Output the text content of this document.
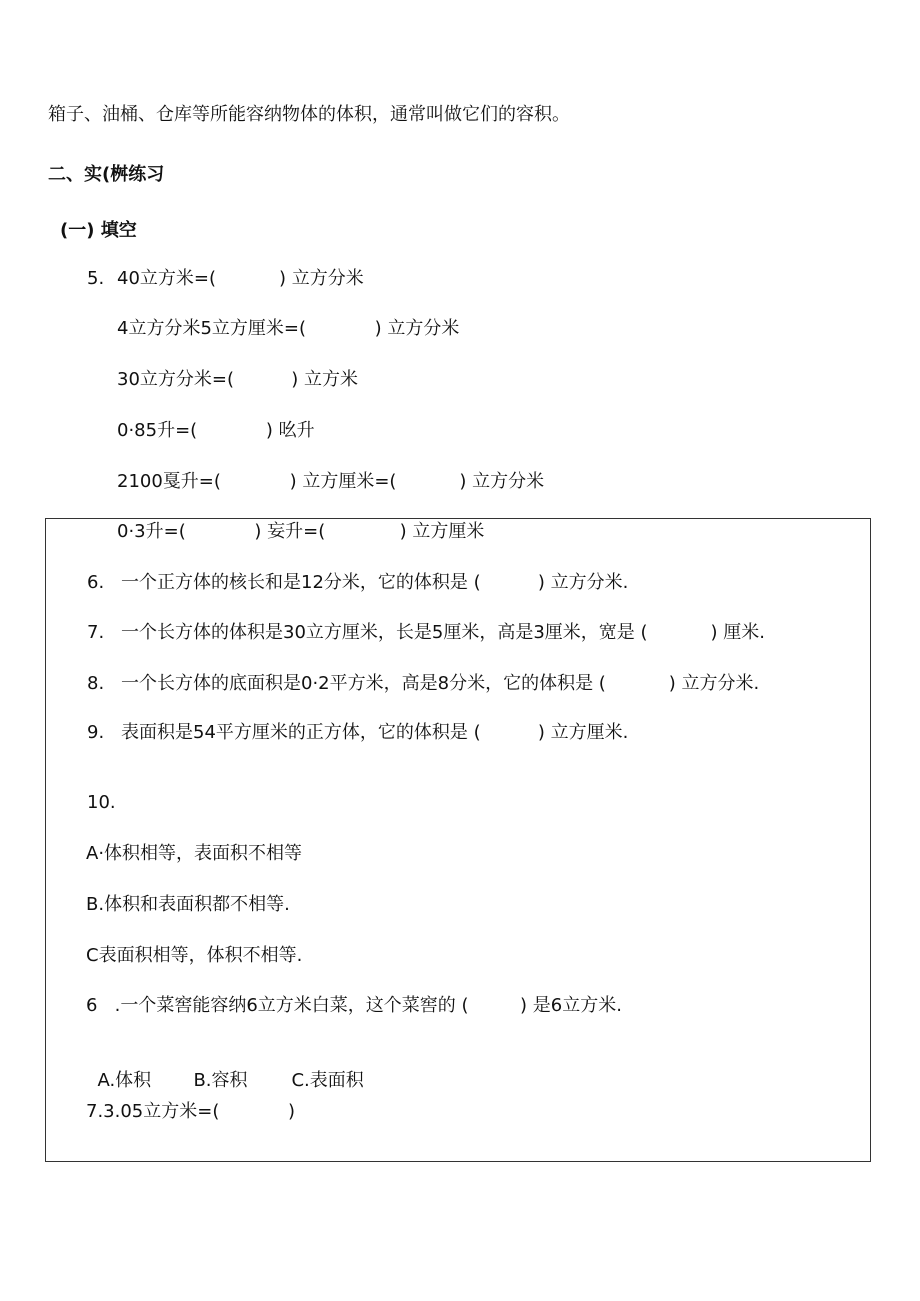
箱子、油桶、仓库等所能容纳物体的体积，通常叫做它们的容积。
二、实(桝练习
(一) 填空
5. 40立方米=(           ) 立方分米
4立方分米5立方厘米=(            ) 立方分米
30立方分米=(          ) 立方米
0·85升=(            ) 吆升
2100戛升=(            ) 立方厘米=(           ) 立方分米
0·3升=(            ) 妄升=(             ) 立方厘米
6. 一个正方体的核长和是12分米，它的体积是 (          ) 立方分米.
7. 一个长方体的体积是30立方厘米，长是5厘米，高是3厘米，宽是 (           ) 厘米.
8. 一个长方体的底面积是0·2平方米，高是8分米，它的体积是 (           ) 立方分米.
9. 表面积是54平方厘米的正方体，它的体积是 (          ) 立方厘米.
10.
A·体积相等，表面积不相等
B.体积和表面积都不相等.
C表面积相等，体积不相等.
6   .一个菜窖能容纳6立方米白菜，这个菜窖的 (         ) 是6立方米.

A.体积 B.容积 C.表面积

7.3.05立方米=(            )
